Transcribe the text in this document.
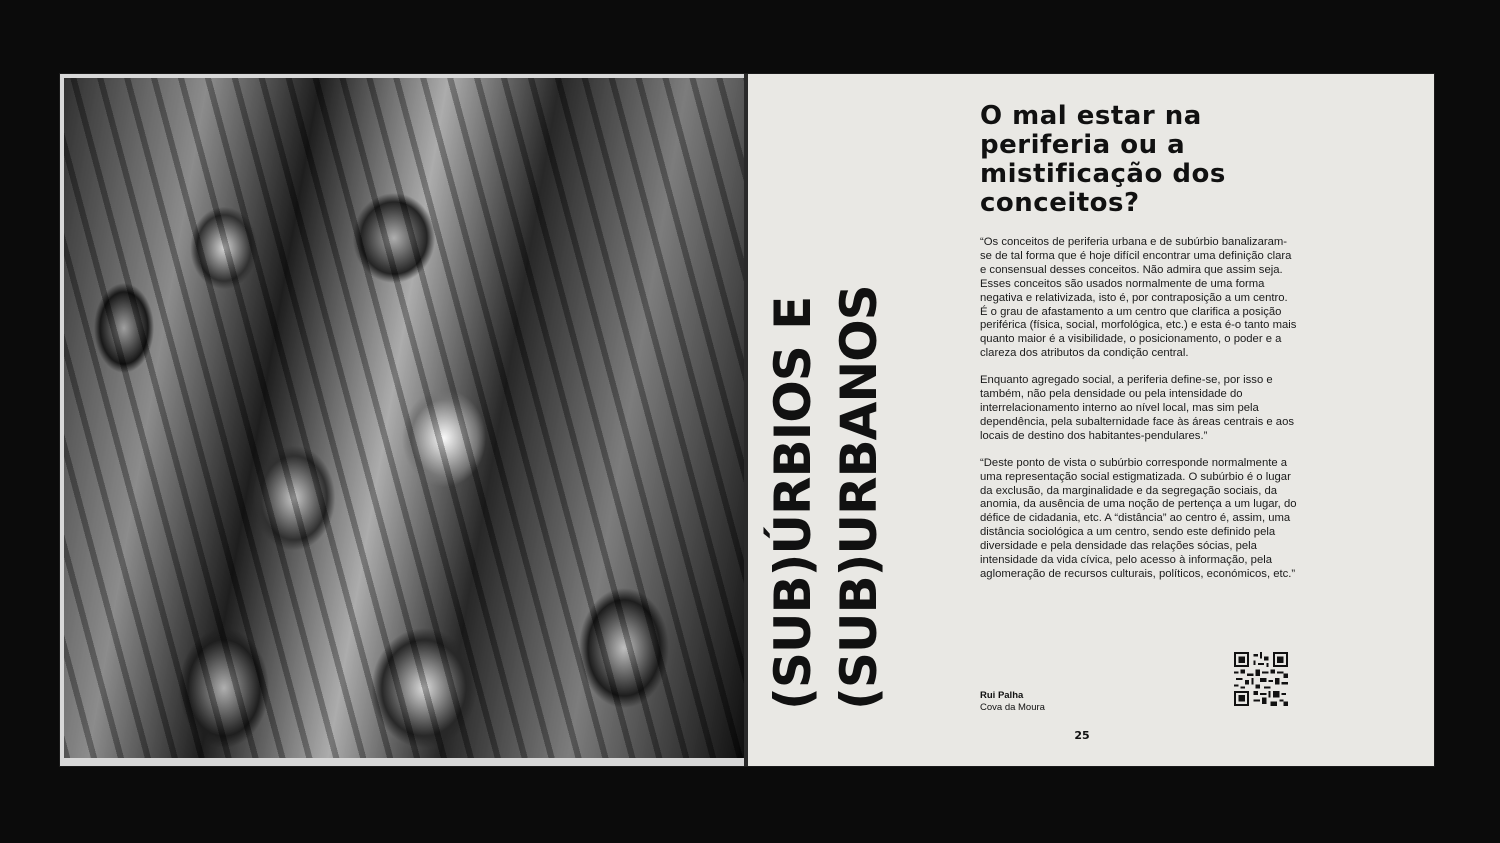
(SUB)ÚRBIOS E (SUB)URBANOS
O mal estar na periferia ou a mistificação dos conceitos?

“Os conceitos de periferia urbana e de subúrbio banalizaram-se de tal forma que é hoje difícil encontrar uma definição clara e consensual desses conceitos. Não admira que assim seja. Esses conceitos são usados normalmente de uma forma negativa e relativizada, isto é, por contraposição a um centro. É o grau de afastamento a um centro que clarifica a posição periférica (física, social, morfológica, etc.) e esta é-o tanto mais quanto maior é a visibilidade, o posicionamento, o poder e a clareza dos atributos da condição central.

Enquanto agregado social, a periferia define-se, por isso e também, não pela densidade ou pela intensidade do interrelacionamento interno ao nível local, mas sim pela dependência, pela subalternidade face às áreas centrais e aos locais de destino dos habitantes-pendulares.”

“Deste ponto de vista o subúrbio corresponde normalmente a uma representação social estigmatizada. O subúrbio é o lugar da exclusão, da marginalidade e da segregação sociais, da anomia, da ausência de uma noção de pertença a um lugar, do défice de cidadania, etc. A “distância” ao centro é, assim, uma distância sociológica a um centro, sendo este definido pela diversidade e pela densidade das relações sócias, pela intensidade da vida cívica, pelo acesso à informação, pela aglomeração de recursos culturais, políticos, económicos, etc.”

Rui Palha
Cova da Moura
25
